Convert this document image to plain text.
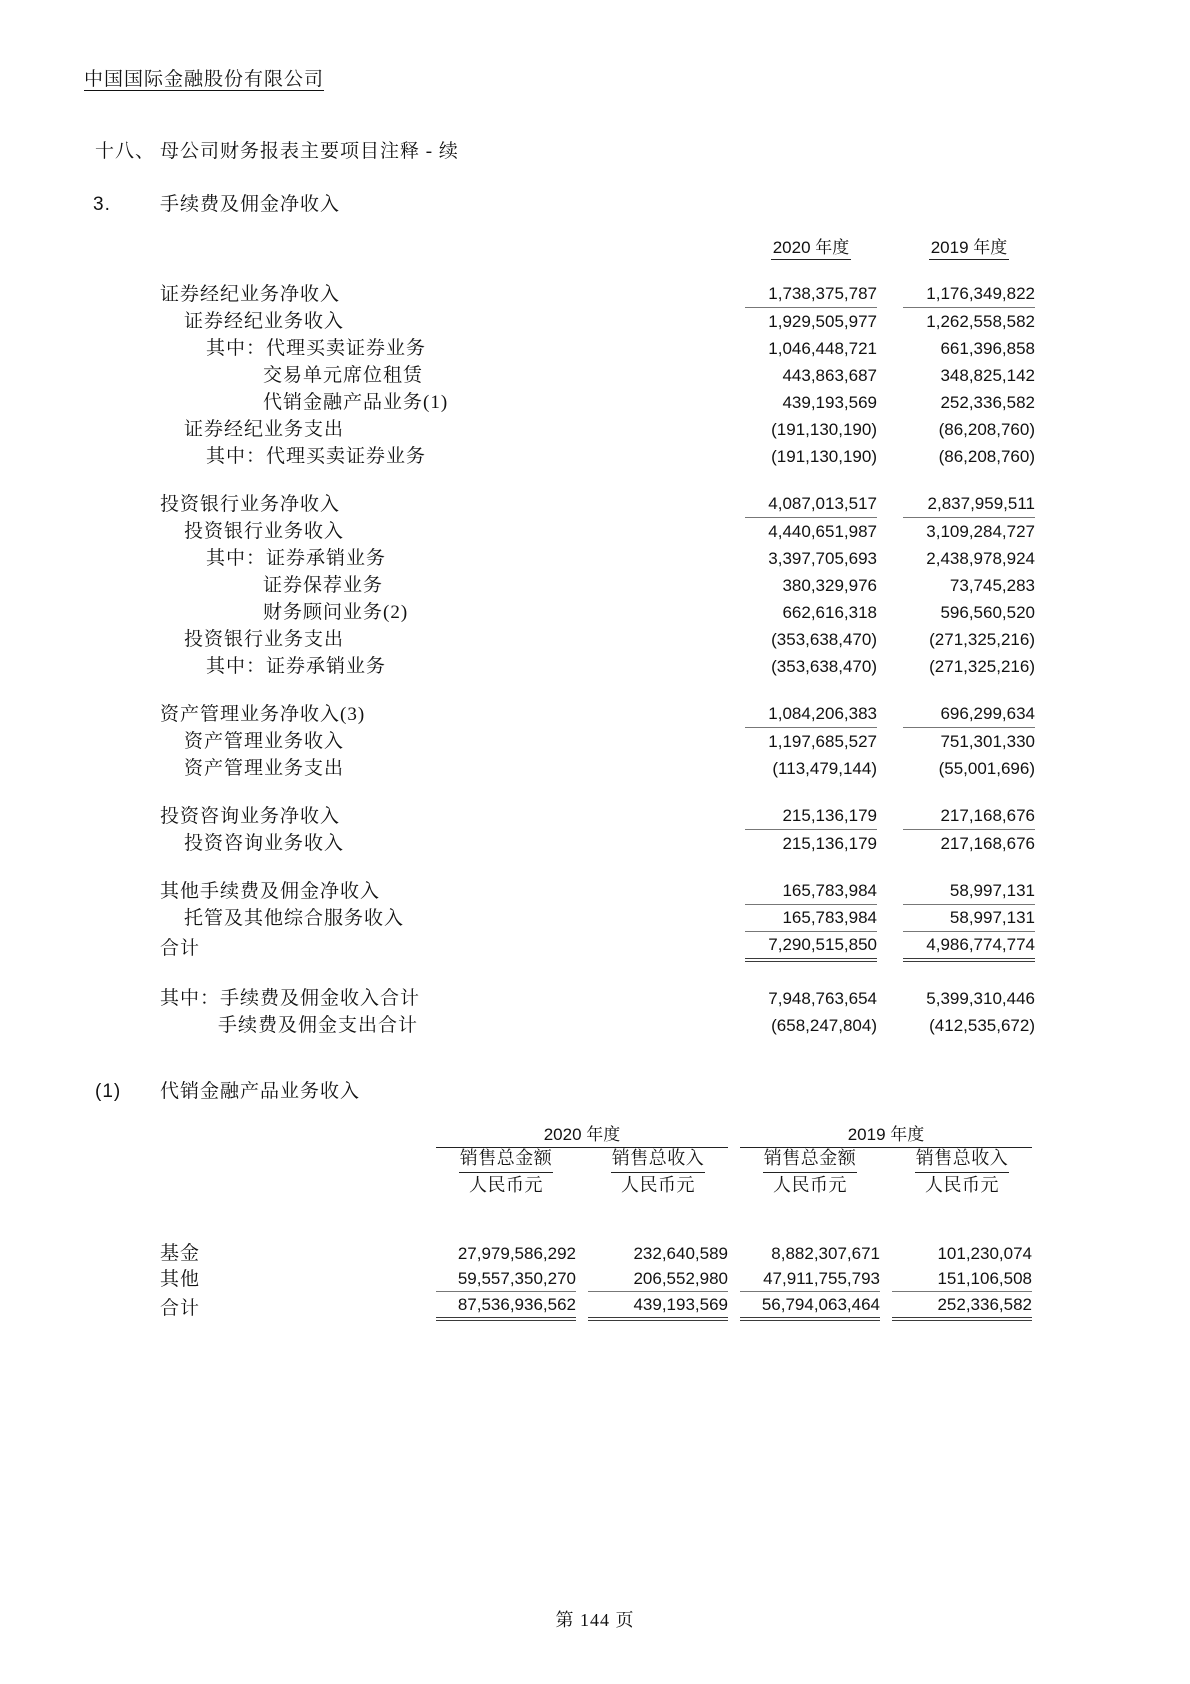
中国国际金融股份有限公司
十八、 母公司财务报表主要项目注释 - 续
3.	手续费及佣金净收入
2020 年度	2019 年度
证券经纪业务净收入	1,738,375,787	1,176,349,822
证券经纪业务收入	1,929,505,977	1,262,558,582
其中：代理买卖证券业务	1,046,448,721	661,396,858
交易单元席位租赁	443,863,687	348,825,142
代销金融产品业务(1)	439,193,569	252,336,582
证券经纪业务支出	(191,130,190)	(86,208,760)
其中：代理买卖证券业务	(191,130,190)	(86,208,760)
投资银行业务净收入	4,087,013,517	2,837,959,511
投资银行业务收入	4,440,651,987	3,109,284,727
其中：证券承销业务	3,397,705,693	2,438,978,924
证券保荐业务	380,329,976	73,745,283
财务顾问业务(2)	662,616,318	596,560,520
投资银行业务支出	(353,638,470)	(271,325,216)
其中：证券承销业务	(353,638,470)	(271,325,216)
资产管理业务净收入(3)	1,084,206,383	696,299,634
资产管理业务收入	1,197,685,527	751,301,330
资产管理业务支出	(113,479,144)	(55,001,696)
投资咨询业务净收入	215,136,179	217,168,676
投资咨询业务收入	215,136,179	217,168,676
其他手续费及佣金净收入	165,783,984	58,997,131
托管及其他综合服务收入	165,783,984	58,997,131
合计	7,290,515,850	4,986,774,774
其中：手续费及佣金收入合计	7,948,763,654	5,399,310,446
手续费及佣金支出合计	(658,247,804)	(412,535,672)
(1) 代销金融产品业务收入
2020 年度	2019 年度
销售总金额	销售总收入	销售总金额	销售总收入
人民币元	人民币元	人民币元	人民币元
基金	27,979,586,292	232,640,589	8,882,307,671	101,230,074
其他	59,557,350,270	206,552,980	47,911,755,793	151,106,508
合计	87,536,936,562	439,193,569	56,794,063,464	252,336,582
第 144 页
